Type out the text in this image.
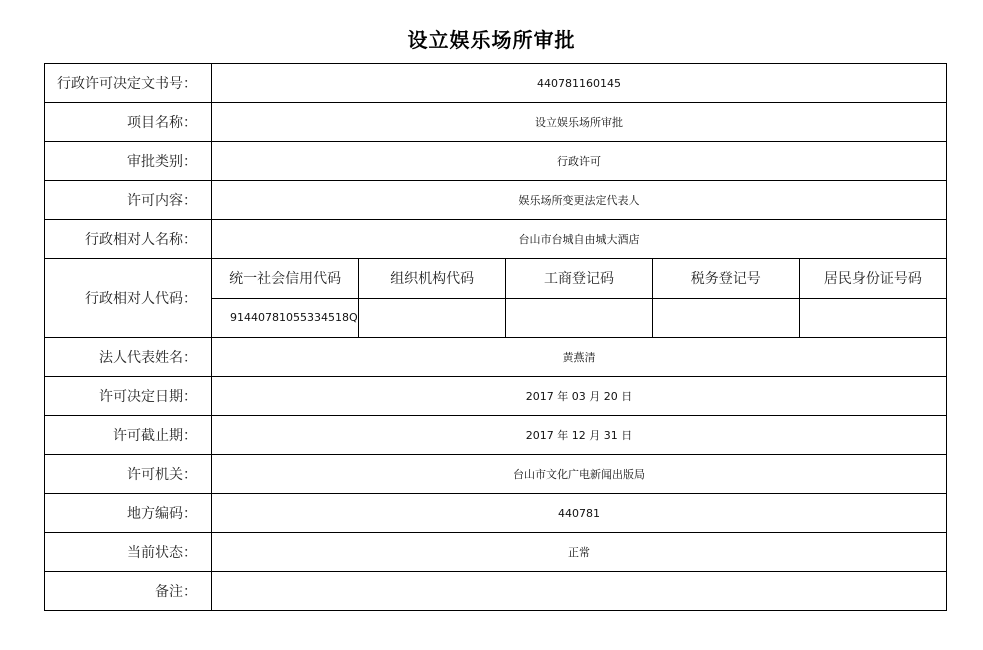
设立娱乐场所审批
行政许可决定文书号：	440781160145
项目名称：	设立娱乐场所审批
审批类别：	行政许可
许可内容：	娱乐场所变更法定代表人
行政相对人名称：	台山市台城自由城大酒店
行政相对人代码：	
统一社会信用代码	组织机构代码	工商登记码	税务登记号	居民身份证号码
91440781055334518Q				

法人代表姓名：	黄燕清
许可决定日期：	2017 年 03 月 20 日
许可截止期：	2017 年 12 月 31 日
许可机关：	台山市文化广电新闻出版局
地方编码：	440781
当前状态：	正常
备注：	
